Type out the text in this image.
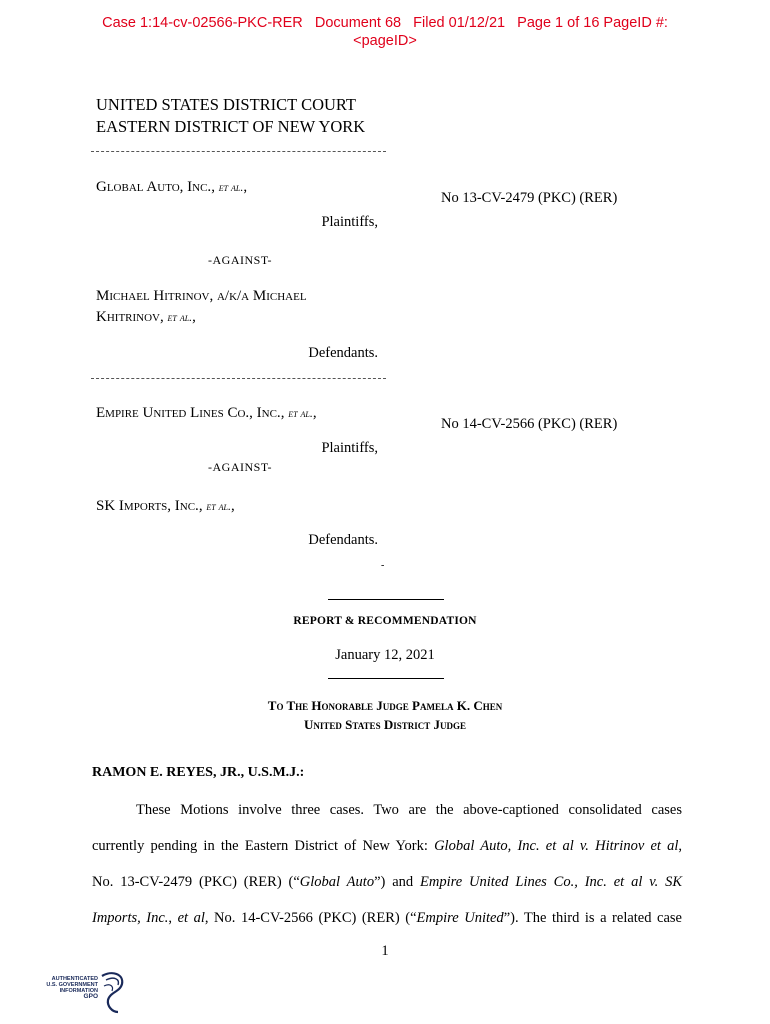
Case 1:14-cv-02566-PKC-RER   Document 68   Filed 01/12/21   Page 1 of 16 PageID #:
<pageID>
UNITED STATES DISTRICT COURT
EASTERN DISTRICT OF NEW YORK
Global Auto, Inc., et al.,
No 13-CV-2479 (PKC) (RER)
Plaintiffs,
-AGAINST-
Michael Hitrinov, a/k/a Michael
Khitrinov, et al.,
Defendants.
Empire United Lines Co., Inc., et al.,
No 14-CV-2566 (PKC) (RER)
Plaintiffs,
-AGAINST-
SK Imports, Inc., et al.,
Defendants.
-
REPORT & RECOMMENDATION
January 12, 2021
To The Honorable Judge Pamela K. Chen
United States District Judge
RAMON E. REYES, JR., U.S.M.J.:
These Motions involve three cases. Two are the above-captioned consolidated cases
currently pending in the Eastern District of New York: Global Auto, Inc. et al v. Hitrinov et al,
No. 13-CV-2479 (PKC) (RER) (“Global Auto”) and Empire United Lines Co., Inc. et al v. SK
Imports, Inc., et al, No. 14-CV-2566 (PKC) (RER) (“Empire United”). The third is a related case
1
AUTHENTICATED
U.S. GOVERNMENT
INFORMATION
GPO
